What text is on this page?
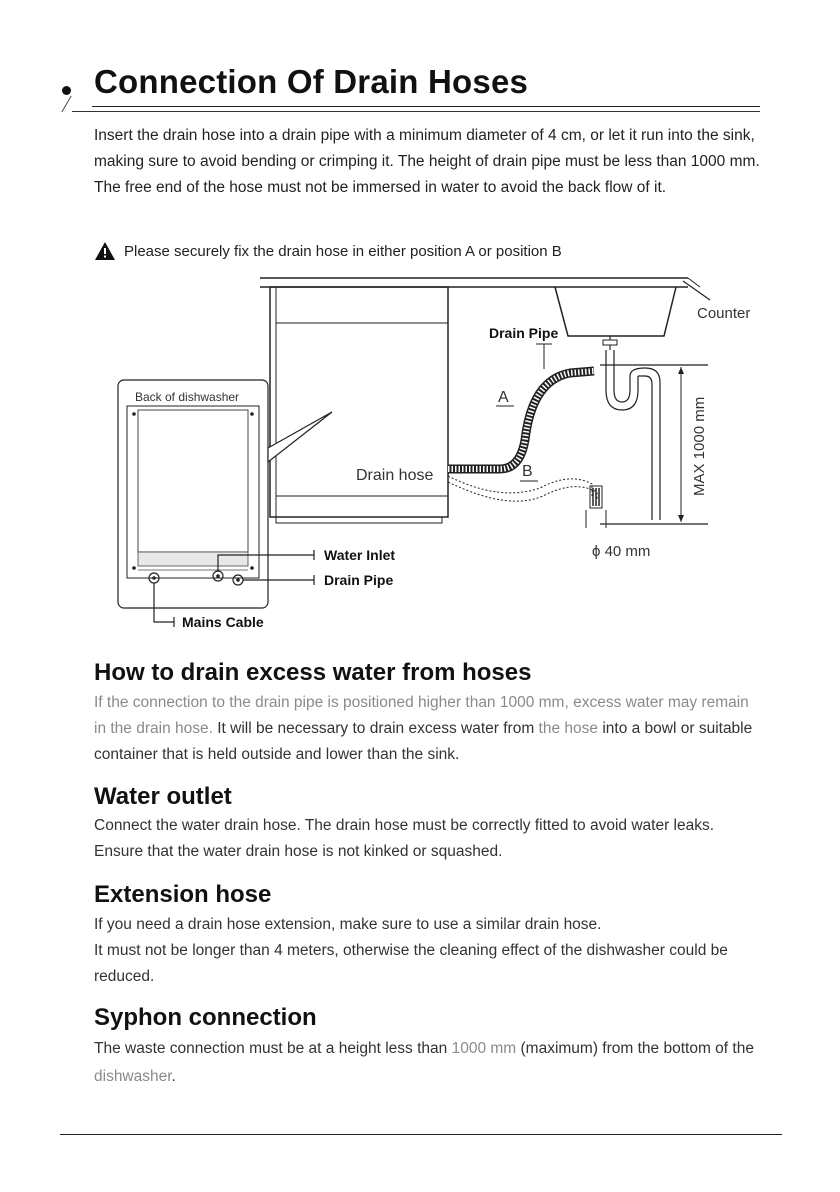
Connection Of Drain Hoses

Insert the drain hose into a drain pipe with a minimum diameter of 4 cm, or let it run into the sink, making sure to avoid bending or crimping it. The height of drain pipe must be less than 1000 mm. The free end of the hose must not be immersed in water to avoid the back flow of it.

Please securely fix the drain hose in either position A or position B
Counter
MAX 1000 mm
Drain hose
A
Drain Pipe
B
ϕ 40 mm
Back of dishwasher
Water Inlet
Drain Pipe
Mains Cable
How to drain excess water from hoses

If the connection to the drain pipe is positioned higher than 1000 mm, excess water may remain in the drain hose. It will be necessary to drain excess water from the hose into a bowl or suitable container that is held outside and lower than the sink.

Water outlet

Connect the water drain hose. The drain hose must be correctly fitted to avoid water leaks. Ensure that the water drain hose is not kinked or squashed.

Extension hose
If you need a drain hose extension, make sure to use a similar drain hose.
It must not be longer than 4 meters, otherwise the cleaning effect of the dishwasher could be reduced.
Syphon connection

The waste connection must be at a height less than 1000 mm (maximum) from the bottom of the dishwasher.
